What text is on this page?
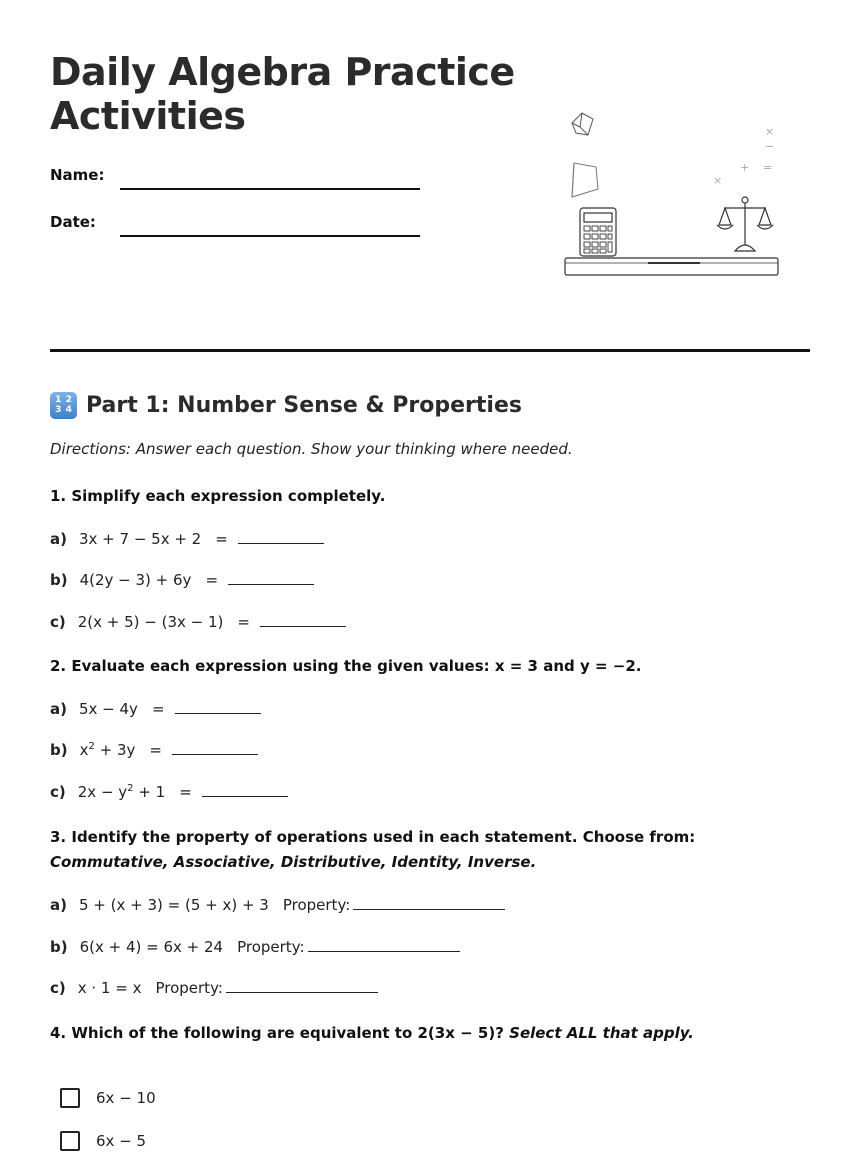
Daily Algebra Practice
Activities
Name:
Date:
×
−
+ =
×
1 2
3 4 Part 1: Number Sense & Properties
Directions: Answer each question. Show your thinking where needed.
1. Simplify each expression completely.
a) 3x + 7 − 5x + 2 =
b) 4(2y − 3) + 6y =
c) 2(x + 5) − (3x − 1) =
2. Evaluate each expression using the given values: x = 3 and y = −2.
a) 5x − 4y =
b) $x^2 + 3y$ =
c) $2x - y^2 + 1$ =
3. Identify the property of operations used in each statement. Choose from: Commutative, Associative, Distributive, Identity, Inverse.
a) 5 + (x + 3) = (5 + x) + 3 Property:
b) 6(x + 4) = 6x + 24 Property:
c) x · 1 = x Property:
4. Which of the following are equivalent to 2(3x − 5)? Select ALL that apply.
6x − 10
6x − 5
